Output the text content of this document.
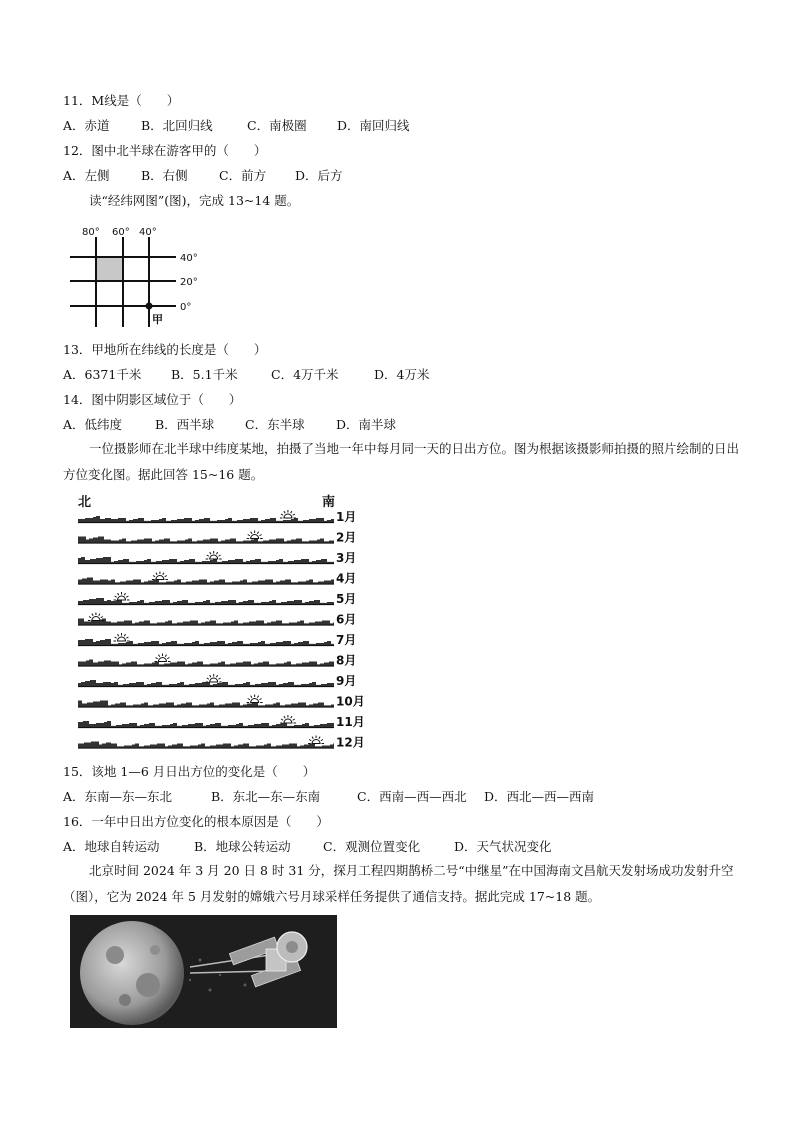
11．M线是（　　）
A．赤道	B．北回归线	C．南极圈 D．南回归线
12．图中北半球在游客甲的（　　）
A．左侧	B．右侧	C．前方 D．后方
读“经纬网图”(图)，完成 13~14 题。
80° 60° 40°
40°
20°
0°
甲
13．甲地所在纬线的长度是（　　）
A．6371千米 B．5.1千米	C．4万千米	D．4万米
14．图中阴影区域位于（　　）
A．低纬度	B．西半球 C．东半球	D．南半球
一位摄影师在北半球中纬度某地，拍摄了当地一年中每月同一天的日出方位。图为根据该摄影师拍摄的照片绘制的日出方位变化图。据此回答 15~16 题。
北	南
1月
2月
3月
4月
5月
6月
7月
8月
9月
10月
11月
12月
15．该地 1—6 月日出方位的变化是（　　）
A．东南—东—东北	B．东北—东—东南	C．西南—西—西北 D．西北—西—西南
16．一年中日出方位变化的根本原因是（　　）
A．地球自转运动	B．地球公转运动	C．观测位置变化	D．天气状况变化
北京时间 2024 年 3 月 20 日 8 时 31 分，探月工程四期鹊桥二号“中继星”在中国海南文昌航天发射场成功发射升空（图），它为 2024 年 5 月发射的嫦娥六号月球采样任务提供了通信支持。据此完成 17~18 题。
